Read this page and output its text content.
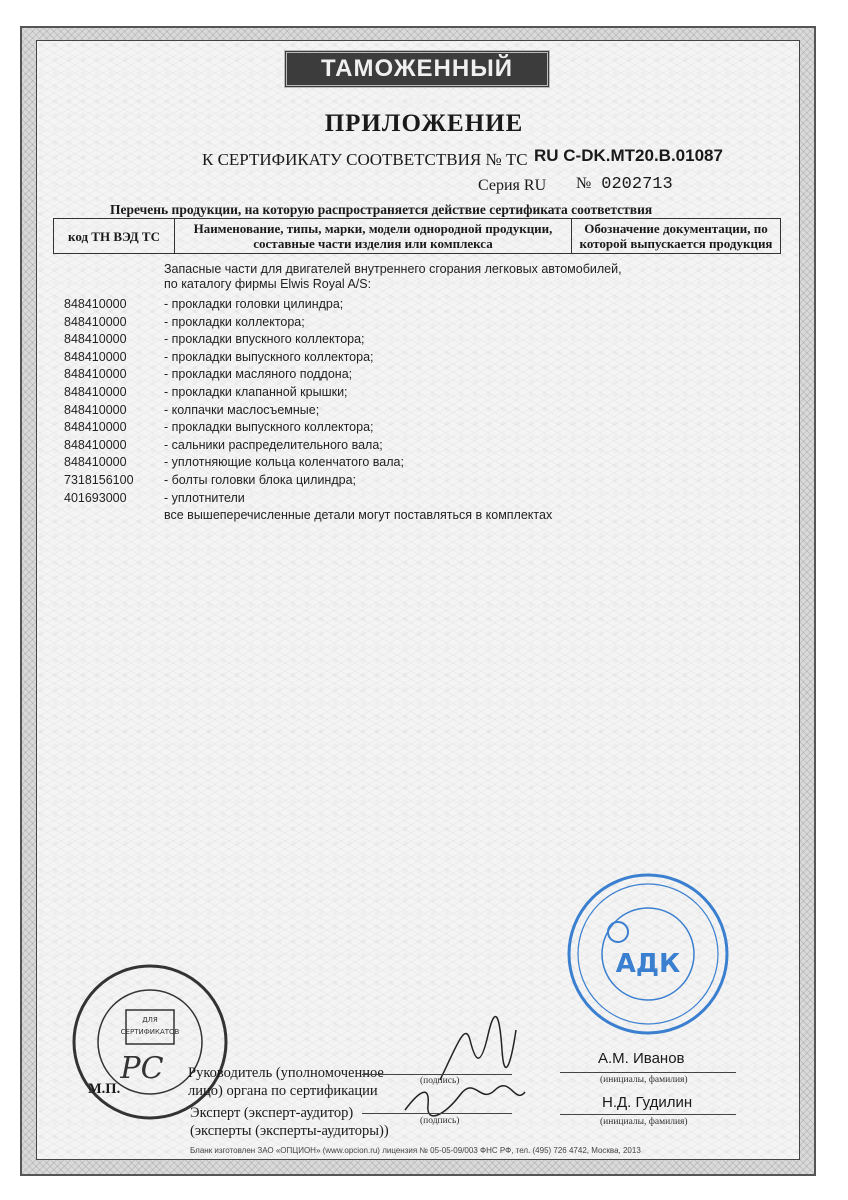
ТАМОЖЕННЫЙ СОЮЗ
ПРИЛОЖЕНИЕ
К СЕРТИФИКАТУ СООТВЕТСТВИЯ № ТС RU C-DK.MT20.B.01087
Серия RU № 0202713
Перечень продукции, на которую распространяется действие сертификата соответствия
код ТН ВЭД ТС	Наименование, типы, марки, модели однородной продукции, составные части изделия или комплекса	Обозначение документации, по которой выпускается продукция
Запасные части для двигателей внутреннего сгорания легковых автомобилей,
по каталогу фирмы Elwis Royal A/S:
848410000	- прокладки головки цилиндра;
848410000	- прокладки коллектора;
848410000	- прокладки впускного коллектора;
848410000	- прокладки выпускного коллектора;
848410000	- прокладки масляного поддона;
848410000	- прокладки клапанной крышки;
848410000	- колпачки маслосъемные;
848410000	- прокладки выпускного коллектора;
848410000	- сальники распределительного вала;
848410000	- уплотняющие кольца коленчатого вала;
7318156100	- болты головки блока цилиндра;
401693000	- уплотнители
все вышеперечисленные детали могут поставляться в комплектах
ДЛЯ
СЕРТИФИКАТОВ
РС
АДК
Руководитель (уполномоченное
лицо) органа по сертификации
(подпись)
А.М. Иванов
(инициалы, фамилия)
М.П.
Эксперт (эксперт-аудитор)
(эксперты (эксперты-аудиторы))
(подпись)
Н.Д. Гудилин
(инициалы, фамилия)
Бланк изготовлен ЗАО «ОПЦИОН» (www.opcion.ru) лицензия № 05-05-09/003 ФНС РФ, тел. (495) 726 4742, Москва, 2013
